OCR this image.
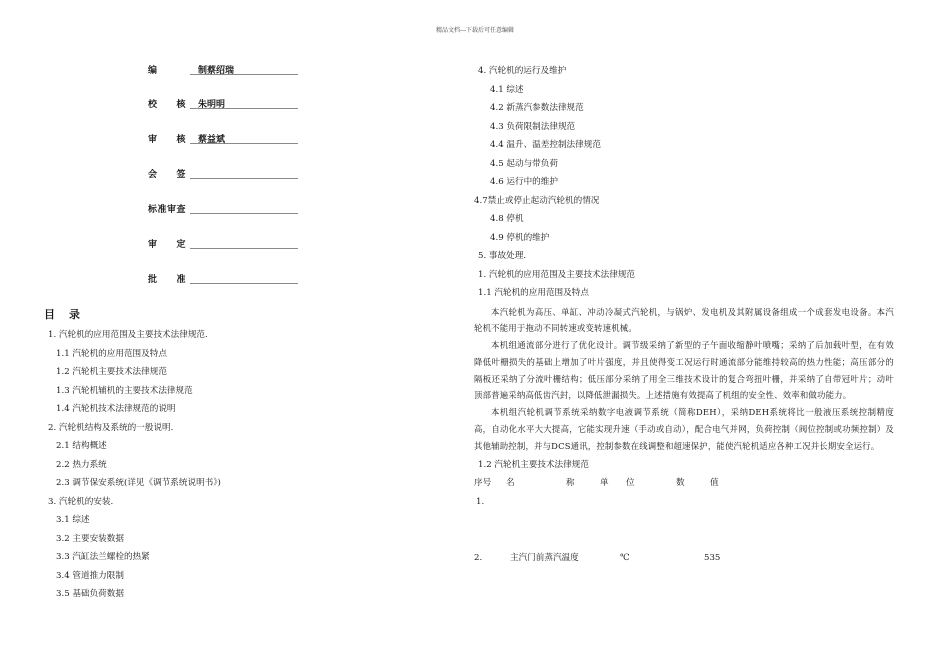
精品文档---下载后可任意编辑
编	制蔡绍瑞
校 核	朱明明
审 核	蔡益斌
会 签
标准审查
审 定
批 准
目录
1. 汽轮机的应用范围及主要技术法律规范.
1.1 汽轮机的应用范围及特点
1.2 汽轮机主要技术法律规范
1.3 汽轮机辅机的主要技术法律规范
1.4 汽轮机技术法律规范的说明
2. 汽轮机结构及系统的一般说明.
2.1 结构概述
2.2 热力系统
2.3 调节保安系统(详见《调节系统说明书》)
3. 汽轮机的安装.
3.1 综述
3.2 主要安装数据
3.3 汽缸法兰螺栓的热紧
3.4 管道推力限制
3.5 基础负荷数据
4. 汽轮机的运行及维护
4.1 综述
4.2 新蒸汽参数法律规范
4.3 负荷限制法律规范
4.4 温升、温差控制法律规范
4.5 起动与带负荷
4.6 运行中的维护
4.7禁止或停止起动汽轮机的情况
4.8 停机
4.9 停机的维护
5. 事故处理.
1. 汽轮机的应用范围及主要技术法律规范
1.1 汽轮机的应用范围及特点

本汽轮机为高压、单缸、冲动冷凝式汽轮机，与锅炉、发电机及其附属设备组成一个成套发电设备。本汽轮机不能用于拖动不同转速或变转速机械。

本机组通流部分进行了优化设计。调节级采纳了新型的子午面收缩静叶喷嘴；采纳了后加载叶型，在有效降低叶栅损失的基础上增加了叶片强度，并且使得变工况运行时通流部分能维持较高的热力性能；高压部分的隔板还采纳了分流叶栅结构；低压部分采纳了用全三维技术设计的复合弯扭叶栅，并采纳了自带冠叶片；动叶顶部普遍采纳高低齿汽封，以降低泄漏损失。上述措施有效提高了机组的安全性、效率和做功能力。

本机组汽轮机调节系统采纳数字电液调节系统（简称DEH），采纳DEH系统将比一般液压系统控制精度高，自动化水平大大提高，它能实现升速（手动或自动），配合电气并网，负荷控制（阀位控制或功频控制）及其他辅助控制，并与DCS通讯，控制参数在线调整和超速保护，能使汽轮机适应各种工况并长期安全运行。

1.2 汽轮机主要技术法律规范
序号 名	称	单 位	数	值
1.
2.	主汽门前蒸汽温度	℃	535
